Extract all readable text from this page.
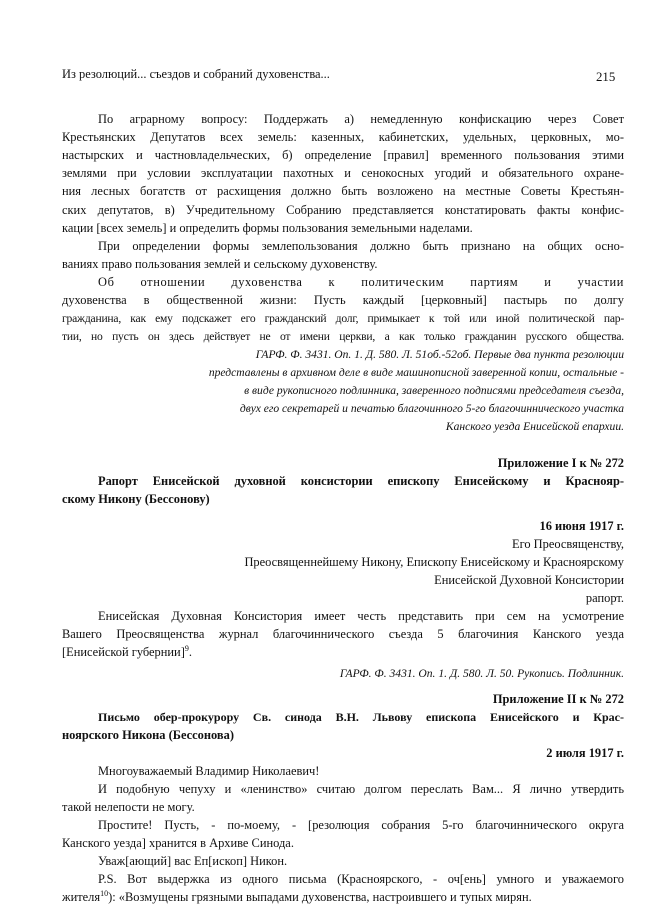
Из резолюций... съездов и собраний духовенства...	215
По аграрному вопросу: Поддержать а) немедленную конфискацию через Совет
Крестьянских Депутатов всех земель: казенных, кабинетских, удельных, церковных, мо-
настырских и частновладельческих, б) определение [правил] временного пользования этими
землями при условии эксплуатации пахотных и сенокосных угодий и обязательного охране-
ния лесных богатств от расхищения должно быть возложено на местные Советы Крестьян-
ских депутатов, в) Учредительному Собранию представляется констатировать факты конфис-
кации [всех земель] и определить формы пользования земельными наделами.
При определении формы землепользования должно быть признано на общих осно-
ваниях право пользования землей и сельскому духовенству.
Об отношении духовенства к политическим партиям и участии
духовенства в общественной жизни: Пусть каждый [церковный] пастырь по долгу
гражданина, как ему подскажет его гражданский долг, примыкает к той или иной политической пар-
тии, но пусть он здесь действует не от имени церкви, а как только гражданин русского общества.
ГАРФ. Ф. 3431. Оп. 1. Д. 580. Л. 51об.-52об. Первые два пункта резолюции
представлены в архивном деле в виде машинописной заверенной копии, остальные -
в виде рукописного подлинника, заверенного подписями председателя съезда,
двух его секретарей и печатью благочинного 5-го благочиннического участка
Канского уезда Енисейской епархии.
Приложение I к № 272
Рапорт Енисейской духовной консистории епископу Енисейскому и Краснояр-
скому Никону (Бессонову)
16 июня 1917 г.
Его Преосвященству,
Преосвященнейшему Никону, Епископу Енисейскому и Красноярскому
Енисейской Духовной Консистории
рапорт.
Енисейская Духовная Консистория имеет честь представить при сем на усмотрение
Вашего Преосвященства журнал благочиннического съезда 5 благочиния Канского уезда
[Енисейской губернии]$^9$.
ГАРФ. Ф. 3431. Оп. 1. Д. 580. Л. 50. Рукопись. Подлинник.
Приложение II к № 272
Письмо обер-прокурору Св. синода В.Н. Львову епископа Енисейского и Крас-
ноярского Никона (Бессонова)
2 июля 1917 г.
Многоуважаемый Владимир Николаевич!
И подобную чепуху и «ленинство» считаю долгом переслать Вам... Я лично утвердить
такой нелепости не могу.
Простите! Пусть, - по-моему, - [резолюция собрания 5-го благочиннического округа
Канского уезда] хранится в Архиве Синода.
Уваж[ающий] вас Еп[ископ] Никон.
P.S. Вот выдержка из одного письма (Красноярского, - оч[ень] умного и уважаемого
жителя$^{10}$): «Возмущены грязными выпадами духовенства, настроившего и тупых мирян.
